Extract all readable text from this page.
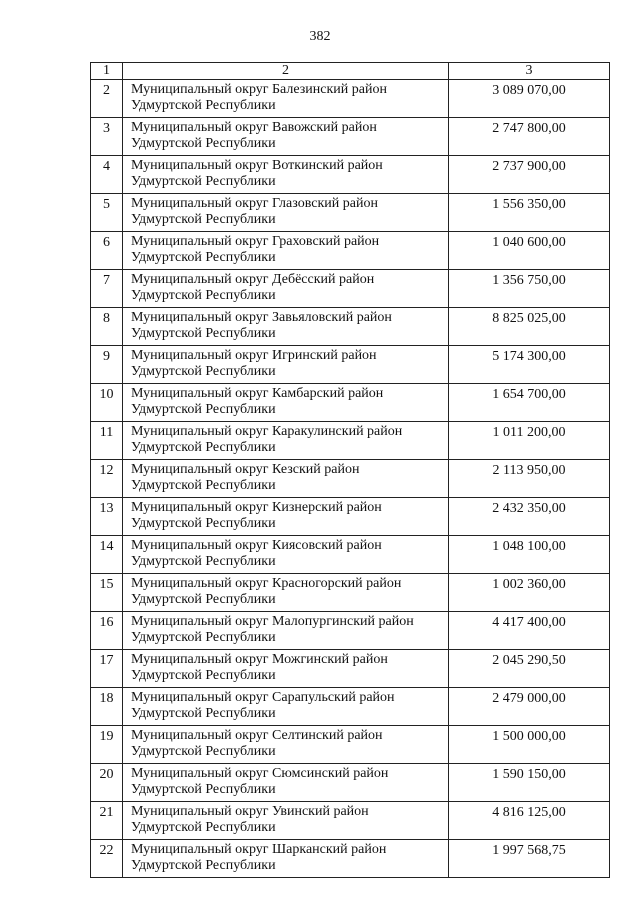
382
1	2	3
2	Муниципальный округ Балезинский район
Удмуртской Республики	3 089 070,00
3	Муниципальный округ Вавожский район
Удмуртской Республики	2 747 800,00
4	Муниципальный округ Воткинский район
Удмуртской Республики	2 737 900,00
5	Муниципальный округ Глазовский район
Удмуртской Республики	1 556 350,00
6	Муниципальный округ Граховский район
Удмуртской Республики	1 040 600,00
7	Муниципальный округ Дебёсский район
Удмуртской Республики	1 356 750,00
8	Муниципальный округ Завьяловский район
Удмуртской Республики	8 825 025,00
9	Муниципальный округ Игринский район
Удмуртской Республики	5 174 300,00
10	Муниципальный округ Камбарский район
Удмуртской Республики	1 654 700,00
11	Муниципальный округ Каракулинский район
Удмуртской Республики	1 011 200,00
12	Муниципальный округ Кезский район
Удмуртской Республики	2 113 950,00
13	Муниципальный округ Кизнерский район
Удмуртской Республики	2 432 350,00
14	Муниципальный округ Киясовский район
Удмуртской Республики	1 048 100,00
15	Муниципальный округ Красногорский район
Удмуртской Республики	1 002 360,00
16	Муниципальный округ Малопургинский район
Удмуртской Республики	4 417 400,00
17	Муниципальный округ Можгинский район
Удмуртской Республики	2 045 290,50
18	Муниципальный округ Сарапульский район
Удмуртской Республики	2 479 000,00
19	Муниципальный округ Селтинский район
Удмуртской Республики	1 500 000,00
20	Муниципальный округ Сюмсинский район
Удмуртской Республики	1 590 150,00
21	Муниципальный округ Увинский район
Удмуртской Республики	4 816 125,00
22	Муниципальный округ Шарканский район
Удмуртской Республики	1 997 568,75
